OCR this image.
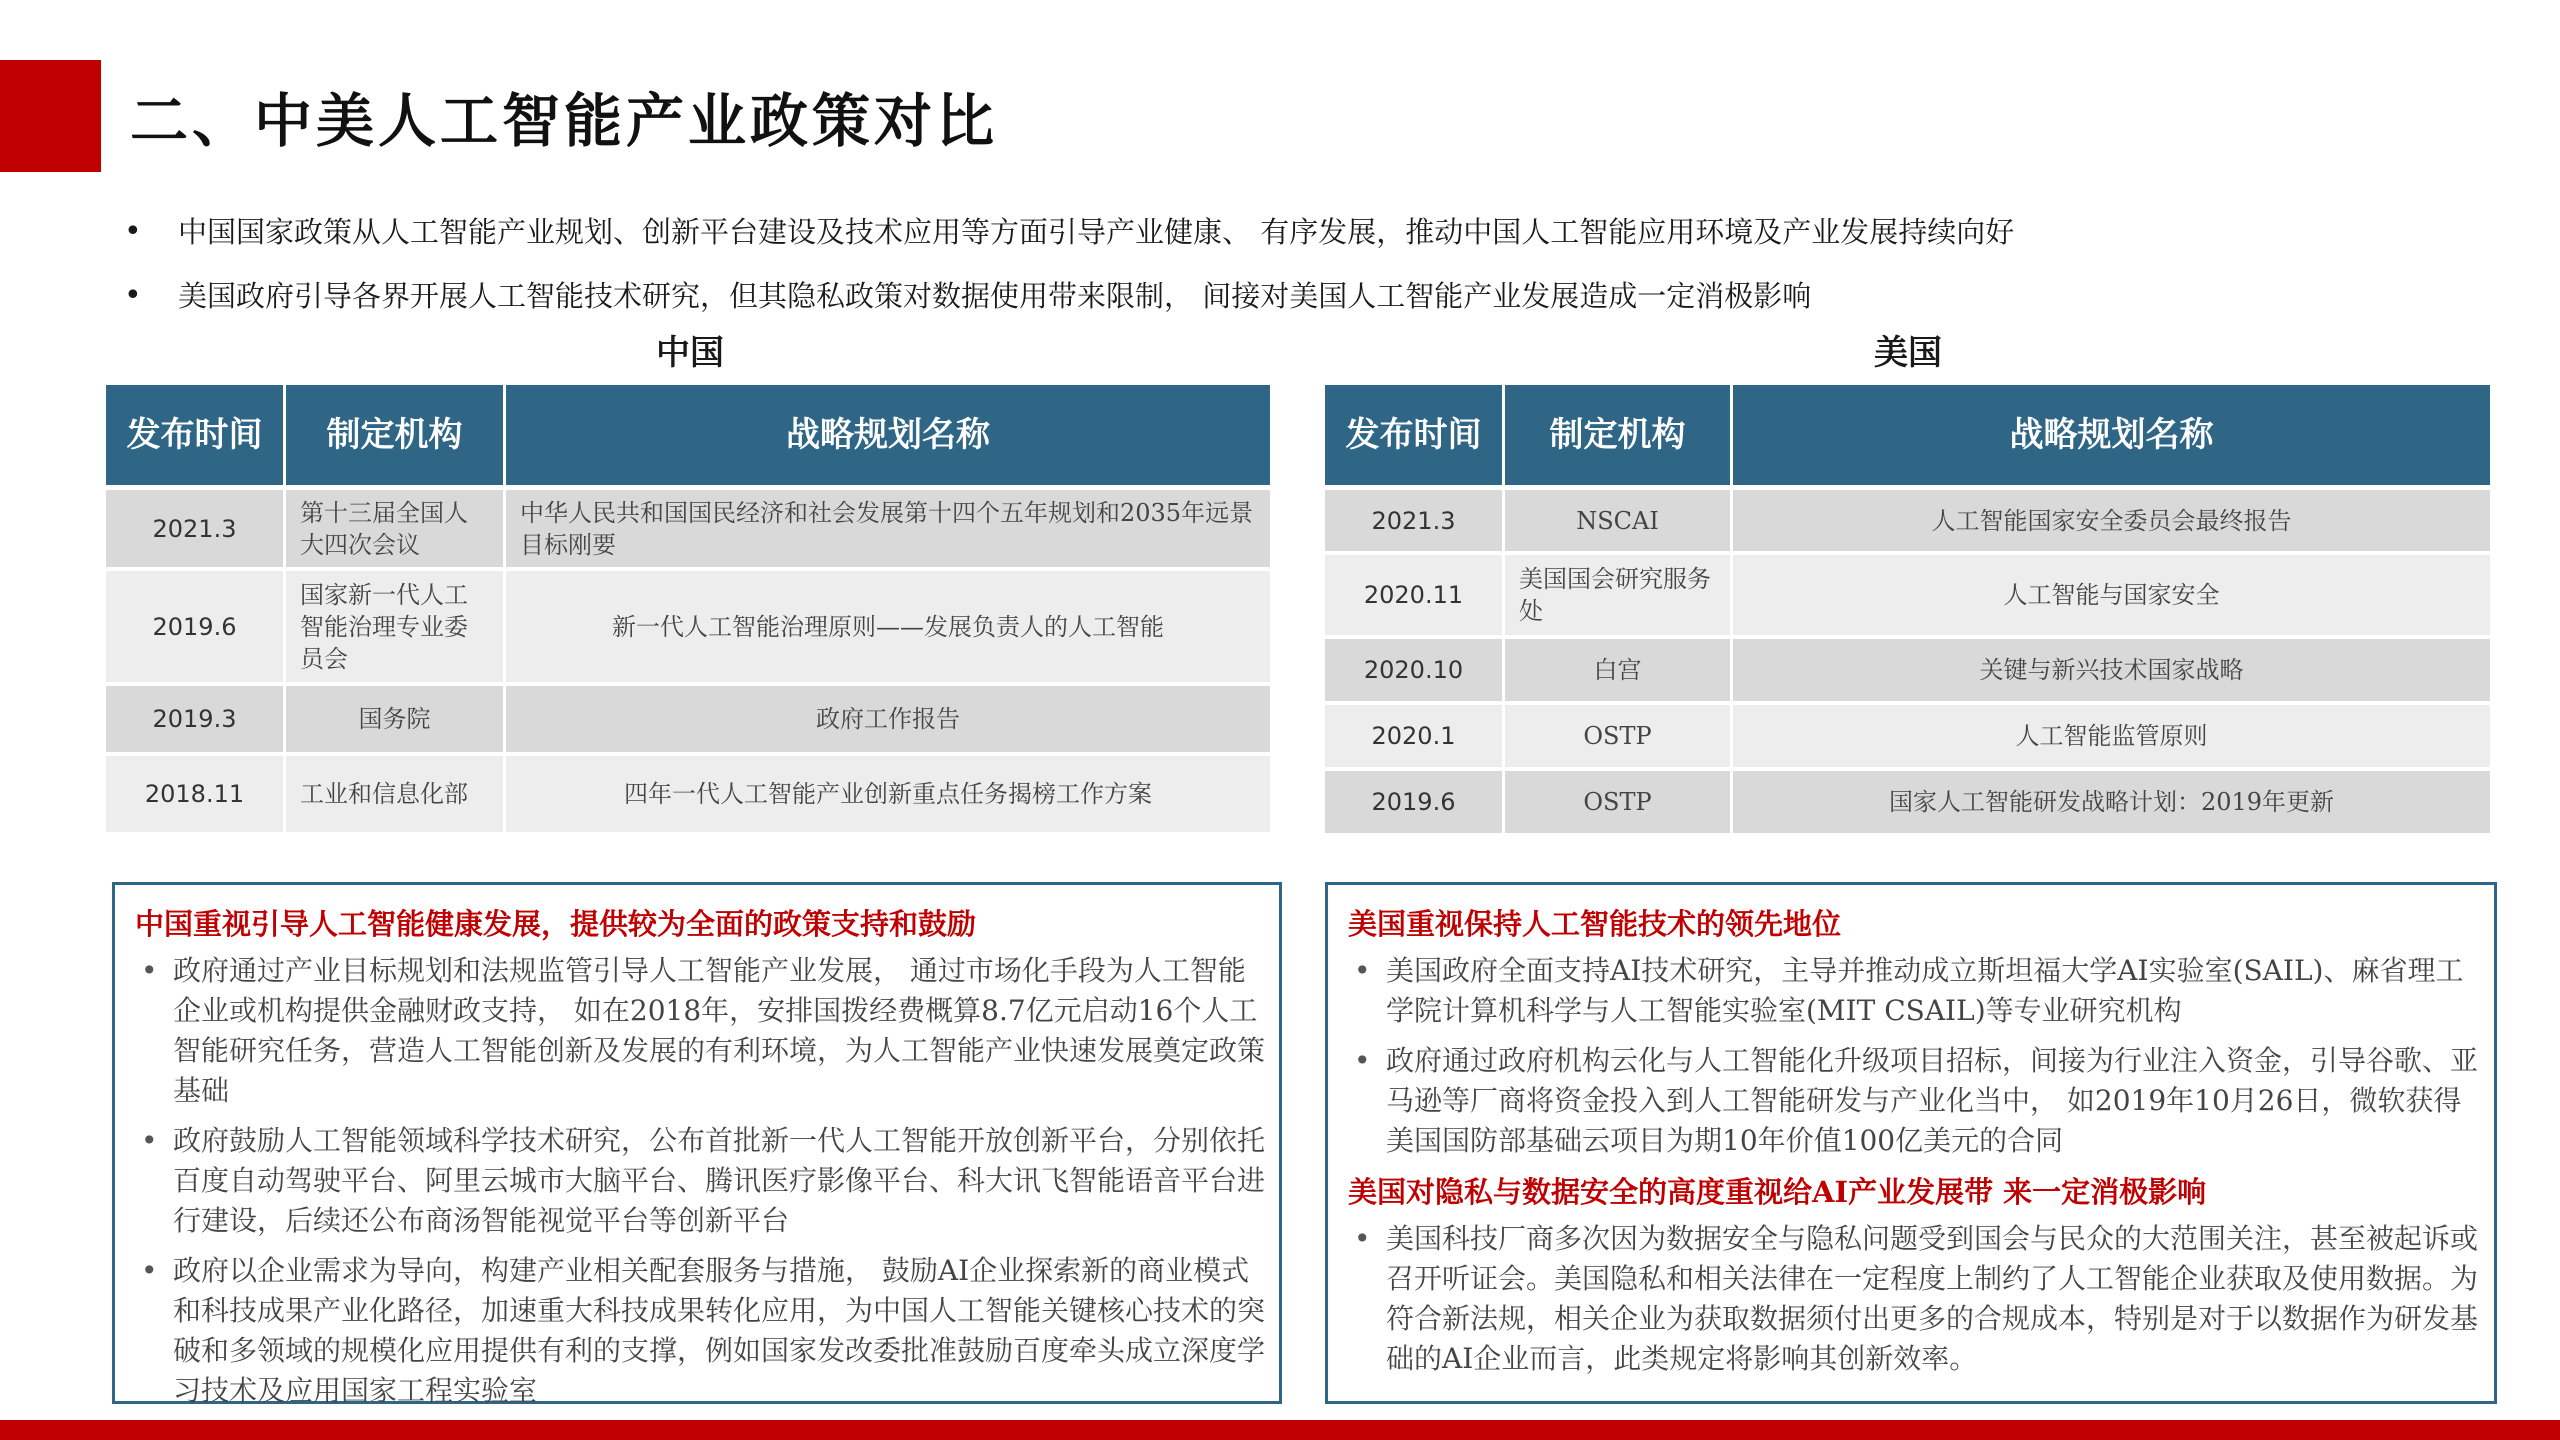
二、中美人工智能产业政策对比
• 中国国家政策从人工智能产业规划、创新平台建设及技术应用等方面引导产业健康、 有序发展，推动中国人工智能应用环境及产业发展持续向好
• 美国政府引导各界开展人工智能技术研究，但其隐私政策对数据使用带来限制， 间接对美国人工智能产业发展造成一定消极影响
中国	美国
发布时间	制定机构	战略规划名称
2021.3	第十三届全国人大四次会议	中华人民共和国国民经济和社会发展第十四个五年规划和2035年远景目标刚要
2019.6	国家新一代人工智能治理专业委员会	新一代人工智能治理原则——发展负责人的人工智能
2019.3	国务院	政府工作报告
2018.11	工业和信息化部	四年一代人工智能产业创新重点任务揭榜工作方案
发布时间	制定机构	战略规划名称
2021.3	NSCAI	人工智能国家安全委员会最终报告
2020.11	美国国会研究服务处	人工智能与国家安全
2020.10	白宫	关键与新兴技术国家战略
2020.1	OSTP	人工智能监管原则
2019.6	OSTP	国家人工智能研发战略计划：2019年更新
中国重视引导人工智能健康发展，提供较为全面的政策支持和鼓励
• 政府通过产业目标规划和法规监管引导人工智能产业发展， 通过市场化手段为人工智能企业或机构提供金融财政支持， 如在2018年，安排国拨经费概算8.7亿元启动16个人工智能研究任务，营造人工智能创新及发展的有利环境，为人工智能产业快速发展奠定政策基础
• 政府鼓励人工智能领域科学技术研究，公布首批新一代人工智能开放创新平台，分别依托百度自动驾驶平台、阿里云城市大脑平台、腾讯医疗影像平台、科大讯飞智能语音平台进行建设，后续还公布商汤智能视觉平台等创新平台
• 政府以企业需求为导向，构建产业相关配套服务与措施， 鼓励AI企业探索新的商业模式和科技成果产业化路径，加速重大科技成果转化应用，为中国人工智能关键核心技术的突破和多领域的规模化应用提供有利的支撑，例如国家发改委批准鼓励百度牵头成立深度学习技术及应用国家工程实验室
美国重视保持人工智能技术的领先地位
• 美国政府全面支持AI技术研究，主导并推动成立斯坦福大学AI实验室(SAIL)、麻省理工学院计算机科学与人工智能实验室(MIT CSAIL)等专业研究机构
• 政府通过政府机构云化与人工智能化升级项目招标，间接为行业注入资金，引导谷歌、亚马逊等厂商将资金投入到人工智能研发与产业化当中， 如2019年10月26日，微软获得美国国防部基础云项目为期10年价值100亿美元的合同
美国对隐私与数据安全的高度重视给AI产业发展带 来一定消极影响
• 美国科技厂商多次因为数据安全与隐私问题受到国会与民众的大范围关注，甚至被起诉或召开听证会。美国隐私和相关法律在一定程度上制约了人工智能企业获取及使用数据。为符合新法规，相关企业为获取数据须付出更多的合规成本，特别是对于以数据作为研发基础的AI企业而言，此类规定将影响其创新效率。
